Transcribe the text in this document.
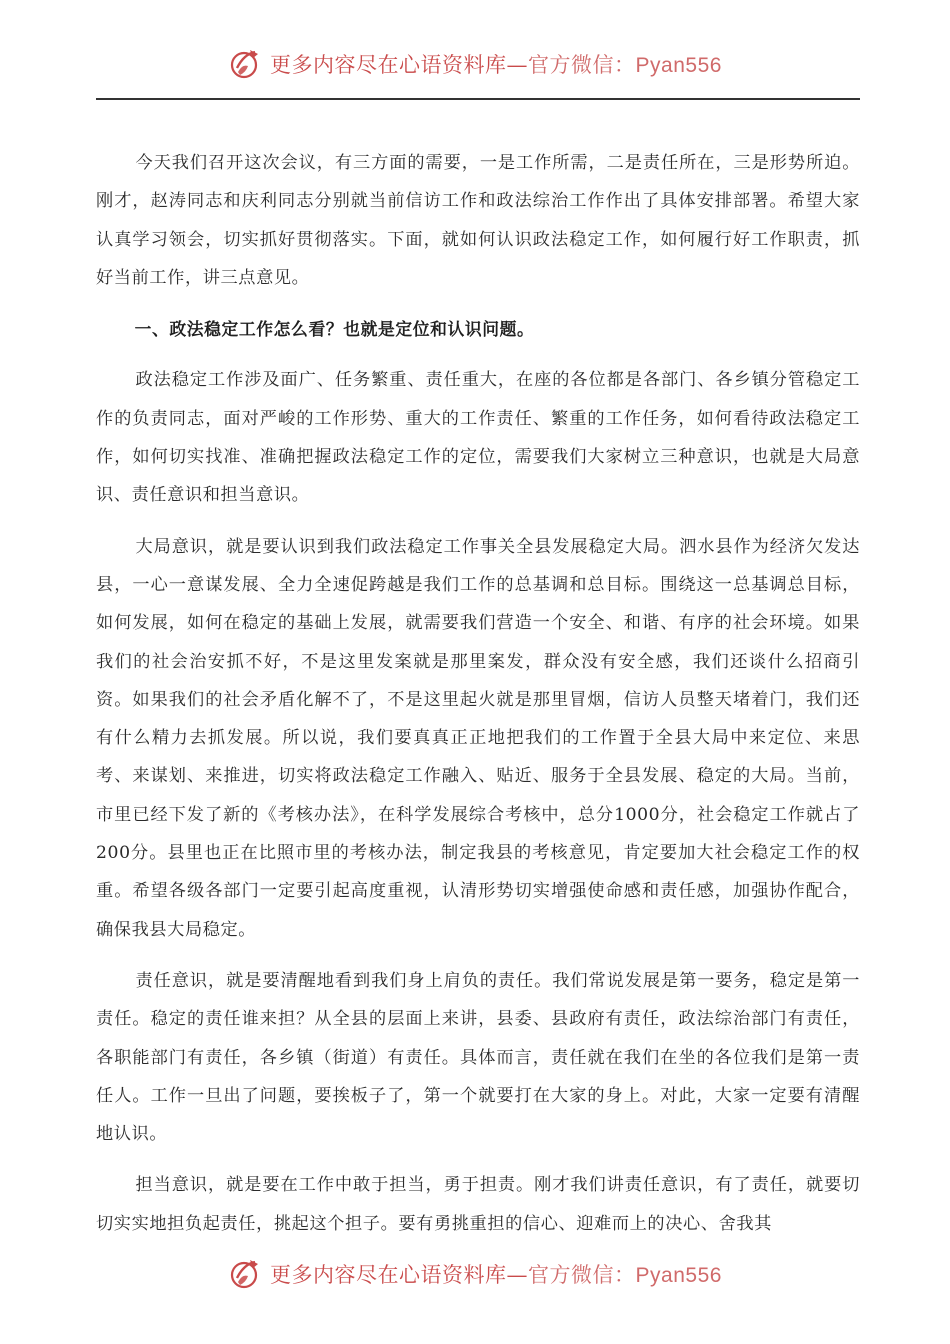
更多内容尽在心语资料库—官方微信：Pyan556

今天我们召开这次会议，有三方面的需要，一是工作所需，二是责任所在，三是形势所迫。刚才，赵涛同志和庆利同志分别就当前信访工作和政法综治工作作出了具体安排部署。希望大家认真学习领会，切实抓好贯彻落实。下面，就如何认识政法稳定工作，如何履行好工作职责，抓好当前工作，讲三点意见。

一、政法稳定工作怎么看？也就是定位和认识问题。

政法稳定工作涉及面广、任务繁重、责任重大，在座的各位都是各部门、各乡镇分管稳定工作的负责同志，面对严峻的工作形势、重大的工作责任、繁重的工作任务，如何看待政法稳定工作，如何切实找准、准确把握政法稳定工作的定位，需要我们大家树立三种意识，也就是大局意识、责任意识和担当意识。

大局意识，就是要认识到我们政法稳定工作事关全县发展稳定大局。泗水县作为经济欠发达县，一心一意谋发展、全力全速促跨越是我们工作的总基调和总目标。围绕这一总基调总目标，如何发展，如何在稳定的基础上发展，就需要我们营造一个安全、和谐、有序的社会环境。如果我们的社会治安抓不好，不是这里发案就是那里案发，群众没有安全感，我们还谈什么招商引资。如果我们的社会矛盾化解不了，不是这里起火就是那里冒烟，信访人员整天堵着门，我们还有什么精力去抓发展。所以说，我们要真真正正地把我们的工作置于全县大局中来定位、来思考、来谋划、来推进，切实将政法稳定工作融入、贴近、服务于全县发展、稳定的大局。当前，市里已经下发了新的《考核办法》，在科学发展综合考核中，总分1000分，社会稳定工作就占了200分。县里也正在比照市里的考核办法，制定我县的考核意见，肯定要加大社会稳定工作的权重。希望各级各部门一定要引起高度重视，认清形势切实增强使命感和责任感，加强协作配合，确保我县大局稳定。

责任意识，就是要清醒地看到我们身上肩负的责任。我们常说发展是第一要务，稳定是第一责任。稳定的责任谁来担？从全县的层面上来讲，县委、县政府有责任，政法综治部门有责任，各职能部门有责任，各乡镇（街道）有责任。具体而言，责任就在我们在坐的各位我们是第一责任人。工作一旦出了问题，要挨板子了，第一个就要打在大家的身上。对此，大家一定要有清醒地认识。

担当意识，就是要在工作中敢于担当，勇于担责。刚才我们讲责任意识，有了责任，就要切切实实地担负起责任，挑起这个担子。要有勇挑重担的信心、迎难而上的决心、舍我其

更多内容尽在心语资料库—官方微信：Pyan556
